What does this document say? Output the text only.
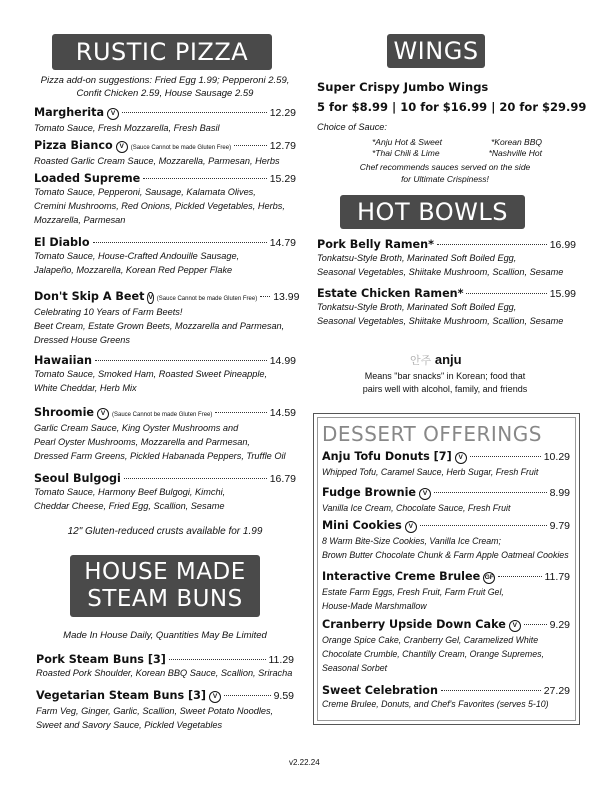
RUSTIC PIZZA
Pizza add-on suggestions: Fried Egg 1.99; Pepperoni 2.59,
Confit Chicken 2.59, House Sausage 2.59
Margherita	V	12.29
Tomato Sauce, Fresh Mozzarella, Fresh Basil
Pizza Bianco	V	(Sauce Cannot be made Gluten Free)	12.79
Roasted Garlic Cream Sauce, Mozzarella, Parmesan, Herbs
Loaded Supreme	15.29
Tomato Sauce, Pepperoni, Sausage, Kalamata Olives,
Cremini Mushrooms, Red Onions, Pickled Vegetables, Herbs,
Mozzarella, Parmesan
El Diablo	14.79
Tomato Sauce, House-Crafted Andouille Sausage,
Jalapeño, Mozzarella, Korean Red Pepper Flake
Don't Skip A Beet V (Sauce Cannot be made Gluten Free) 13.99
Celebrating 10 Years of Farm Beets!
Beet Cream, Estate Grown Beets, Mozzarella and Parmesan,
Dressed House Greens
Hawaiian	14.99
Tomato Sauce, Smoked Ham, Roasted Sweet Pineapple,
White Cheddar, Herb Mix
Shroomie	V	(Sauce Cannot be made Gluten Free)	14.59
Garlic Cream Sauce, King Oyster Mushrooms and
Pearl Oyster Mushrooms, Mozzarella and Parmesan,
Dressed Farm Greens, Pickled Habanada Peppers, Truffle Oil
Seoul Bulgogi	16.79
Tomato Sauce, Harmony Beef Bulgogi, Kimchi,
Cheddar Cheese, Fried Egg, Scallion, Sesame
12" Gluten-reduced crusts available for 1.99
HOUSE MADE
STEAM BUNS
Made In House Daily, Quantities May Be Limited
Pork Steam Buns [3]	11.29
Roasted Pork Shoulder, Korean BBQ Sauce, Scallion, Sriracha
Vegetarian Steam Buns [3]	V	9.59
Farm Veg, Ginger, Garlic, Scallion, Sweet Potato Noodles,
Sweet and Savory Sauce, Pickled Vegetables
WINGS
Super Crispy Jumbo Wings
5 for $8.99 | 10 for $16.99 | 20 for $29.99
Choice of Sauce:
*Anju Hot & Sweet	*Korean BBQ
*Thai Chili & Lime	*Nashville Hot
Chef recommends sauces served on the side
for Ultimate Crispiness!
HOT BOWLS
Pork Belly Ramen*	16.99
Tonkatsu-Style Broth, Marinated Soft Boiled Egg,
Seasonal Vegetables, Shiitake Mushroom, Scallion, Sesame
Estate Chicken Ramen*	15.99
Tonkatsu-Style Broth, Marinated Soft Boiled Egg,
Seasonal Vegetables, Shiitake Mushroom, Scallion, Sesame
안주 anju
Means "bar snacks" in Korean; food that
pairs well with alcohol, family, and friends
DESSERT OFFERINGS
Anju Tofu Donuts [7]	V	10.29
Whipped Tofu, Caramel Sauce, Herb Sugar, Fresh Fruit
Fudge Brownie	V	8.99
Vanilla Ice Cream, Chocolate Sauce, Fresh Fruit
Mini Cookies	V	9.79
8 Warm Bite-Size Cookies, Vanilla Ice Cream;
Brown Butter Chocolate Chunk & Farm Apple Oatmeal Cookies
Interactive Creme Brulee GF	11.79
Estate Farm Eggs, Fresh Fruit, Farm Fruit Gel,
House-Made Marshmallow
Cranberry Upside Down Cake	V	9.29
Orange Spice Cake, Cranberry Gel, Caramelized White
Chocolate Crumble, Chantilly Cream, Orange Supremes,
Seasonal Sorbet
Sweet Celebration	27.29
Creme Brulee, Donuts, and Chef's Favorites (serves 5-10)
v2.22.24
